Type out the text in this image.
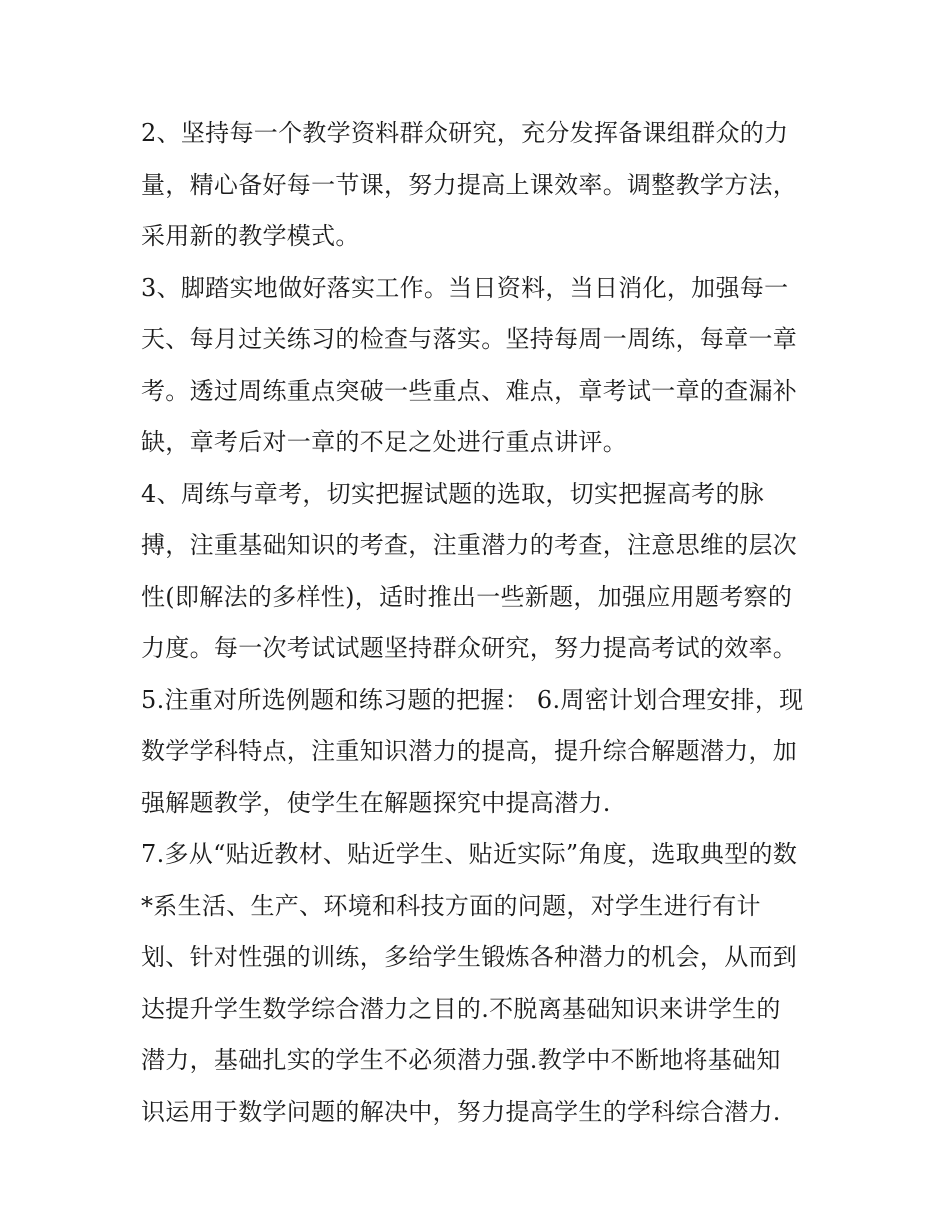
2、坚持每一个教学资料群众研究，充分发挥备课组群众的力
量，精心备好每一节课，努力提高上课效率。调整教学方法，
采用新的教学模式。
3、脚踏实地做好落实工作。当日资料，当日消化，加强每一
天、每月过关练习的检查与落实。坚持每周一周练，每章一章
考。透过周练重点突破一些重点、难点，章考试一章的查漏补
缺，章考后对一章的不足之处进行重点讲评。
4、周练与章考，切实把握试题的选取，切实把握高考的脉
搏，注重基础知识的考查，注重潜力的考查，注意思维的层次
性(即解法的多样性)，适时推出一些新题，加强应用题考察的
力度。每一次考试试题坚持群众研究，努力提高考试的效率。
5.注重对所选例题和练习题的把握： 6.周密计划合理安排，现
数学学科特点，注重知识潜力的提高，提升综合解题潜力，加
强解题教学，使学生在解题探究中提高潜力.
7.多从“贴近教材、贴近学生、贴近实际”角度，选取典型的数
*系生活、生产、环境和科技方面的问题，对学生进行有计
划、针对性强的训练，多给学生锻炼各种潜力的机会，从而到
达提升学生数学综合潜力之目的.不脱离基础知识来讲学生的
潜力，基础扎实的学生不必须潜力强.教学中不断地将基础知
识运用于数学问题的解决中，努力提高学生的学科综合潜力.
